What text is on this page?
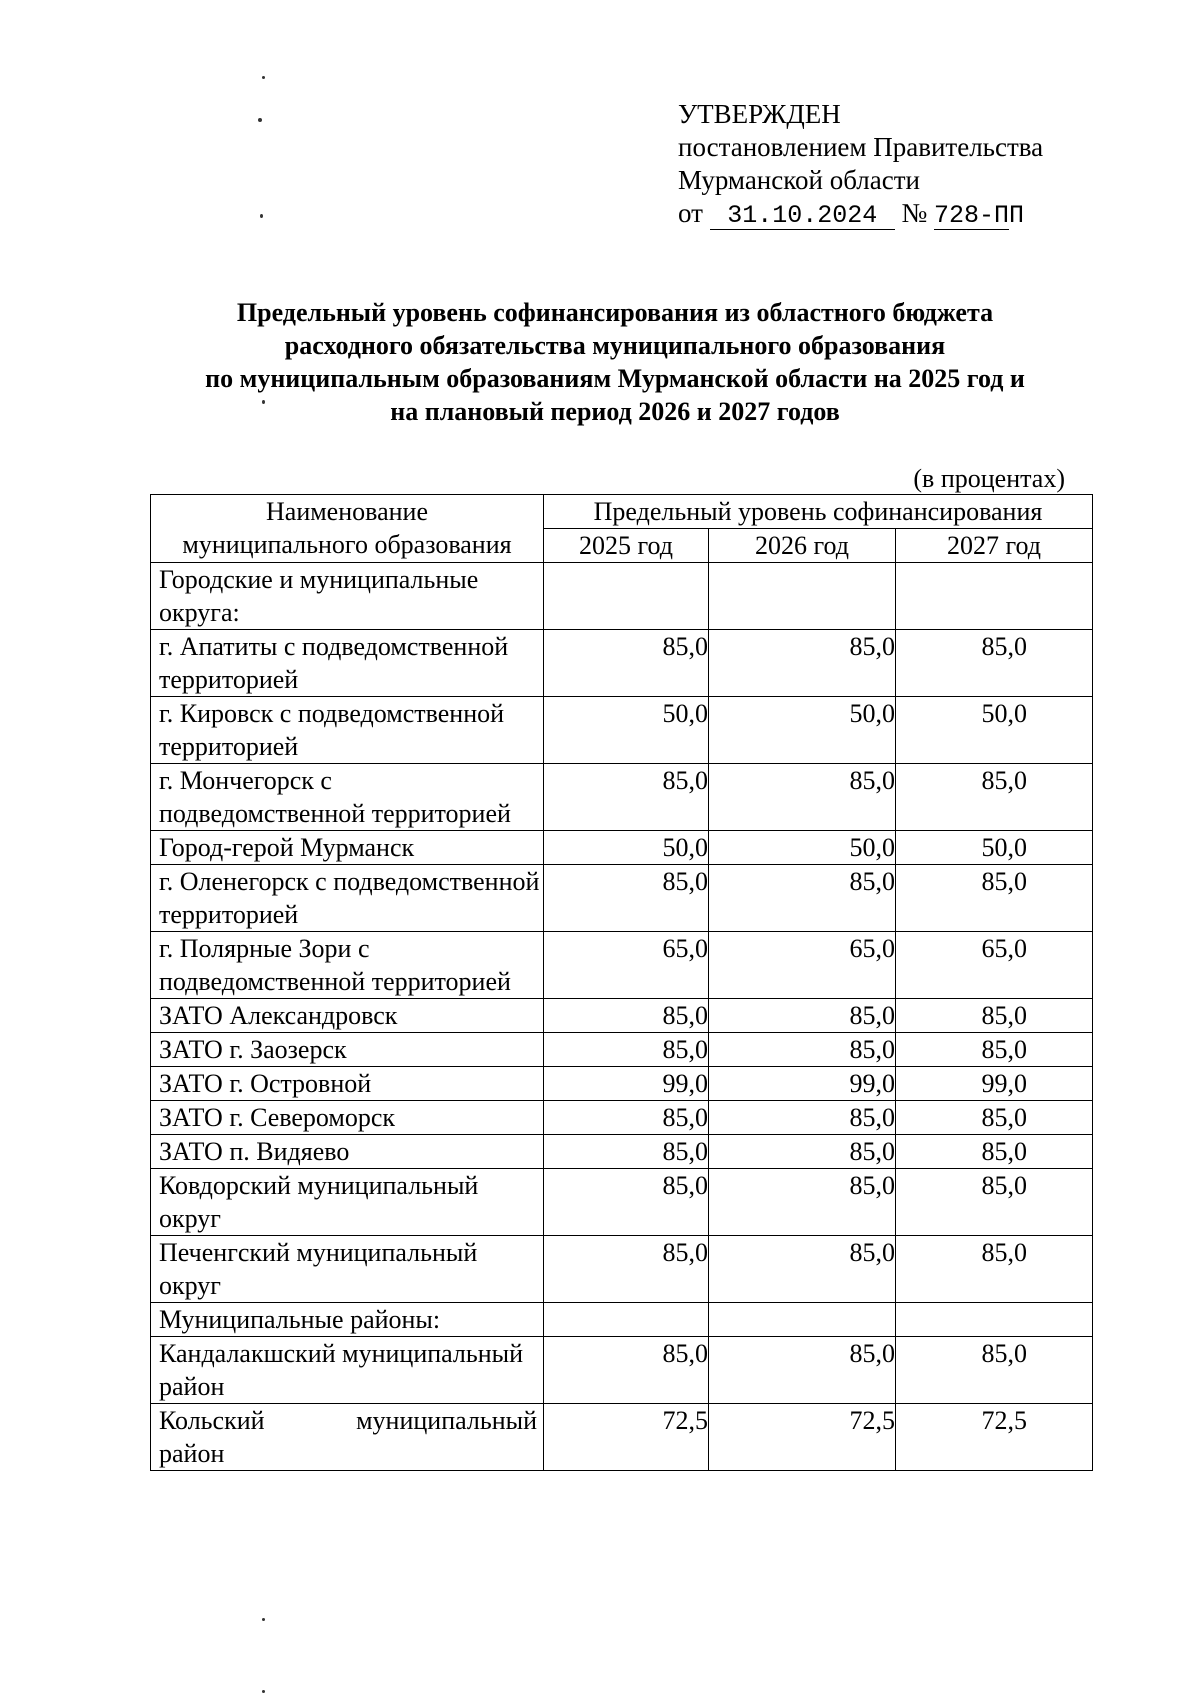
УТВЕРЖДЕН
постановлением Правительства
Мурманской области
от 31.10.2024 № 728-ПП
Предельный уровень софинансирования из областного бюджета
расходного обязательства муниципального образования
по муниципальным образованиям Мурманской области на 2025 год и
на плановый период 2026 и 2027 годов
(в процентах)
Наименование
муниципального образования	Предельный уровень софинансирования		
	2025 год	2026 год	2027 год
Городские и муниципальные округа:			
г. Апатиты с подведомственной территорией	85,0	85,0	85,0
г. Кировск с подведомственной территорией	50,0	50,0	50,0
г. Мончегорск с подведомственной территорией	85,0	85,0	85,0
Город-герой Мурманск	50,0	50,0	50,0
г. Оленегорск с подведомственной территорией	85,0	85,0	85,0
г. Полярные Зори с подведомственной территорией	65,0	65,0	65,0
ЗАТО Александровск	85,0	85,0	85,0
ЗАТО г. Заозерск	85,0	85,0	85,0
ЗАТО г. Островной	99,0	99,0	99,0
ЗАТО г. Североморск	85,0	85,0	85,0
ЗАТО п. Видяево	85,0	85,0	85,0
Ковдорский муниципальный округ	85,0	85,0	85,0
Печенгский муниципальный округ	85,0	85,0	85,0
Муниципальные районы:			
Кандалакшский муниципальный район	85,0	85,0	85,0

Кольский муниципальный
район	72,5	72,5	72,5
